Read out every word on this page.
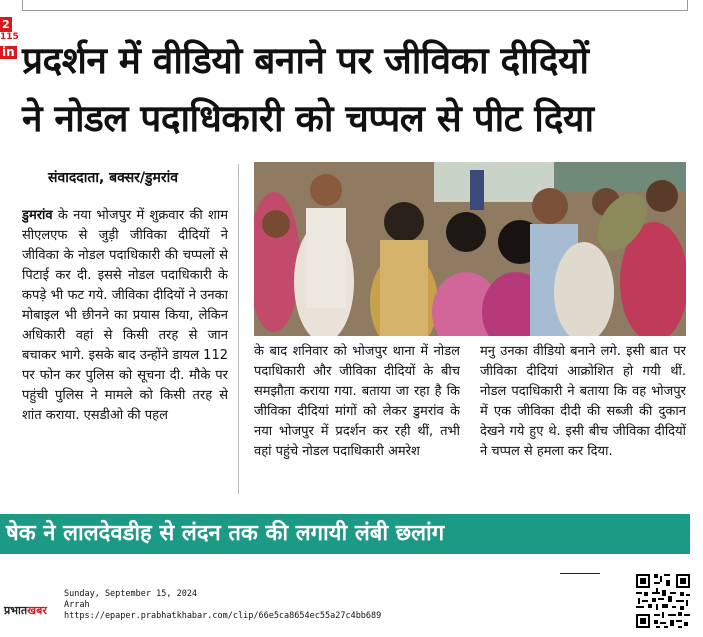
2
115
in प्रदर्शन में वीडियो बनाने पर जीविका दीदियों
ने नोडल पदाधिकारी को चप्पल से पीट दिया
संवाददाता, बक्सर/डुमरांव
डुमरांव के नया भोजपुर में शुक्रवार की शाम सीएलएफ से जुड़ी जीविका दीदियों ने जीविका के नोडल पदाधिकारी की चप्पलों से पिटाई कर दी. इससे नोडल पदाधिकारी के कपड़े भी फट गये. जीविका दीदियों ने उनका मोबाइल भी छीनने का प्रयास किया, लेकिन अधिकारी वहां से किसी तरह से जान बचाकर भागे. इसके बाद उन्होंने डायल 112 पर फोन कर पुलिस को सूचना दी. मौके पर पहुंची पुलिस ने मामले को किसी तरह से शांत कराया. एसडीओ की पहल
के बाद शनिवार को भोजपुर थाना में नोडल पदाधिकारी और जीविका दीदियों के बीच समझौता कराया गया. बताया जा रहा है कि जीविका दीदियां मांगों को लेकर डुमरांव के नया भोजपुर में प्रदर्शन कर रही थीं, तभी वहां पहुंचे नोडल पदाधिकारी अमरेश
मनु उनका वीडियो बनाने लगे. इसी बात पर जीविका दीदियां आक्रोशित हो गयी थीं. नोडल पदाधिकारी ने बताया कि वह भोजपुर में एक जीविका दीदी की सब्जी की दुकान देखने गये हुए थे. इसी बीच जीविका दीदियों ने चप्पल से हमला कर दिया.
षेक ने लालदेवडीह से लंदन तक की लगायी लंबी छलांग
प्रभातखबर
Sunday, September 15, 2024
Arrah
https://epaper.prabhatkhabar.com/clip/66e5ca8654ec55a27c4bb689
